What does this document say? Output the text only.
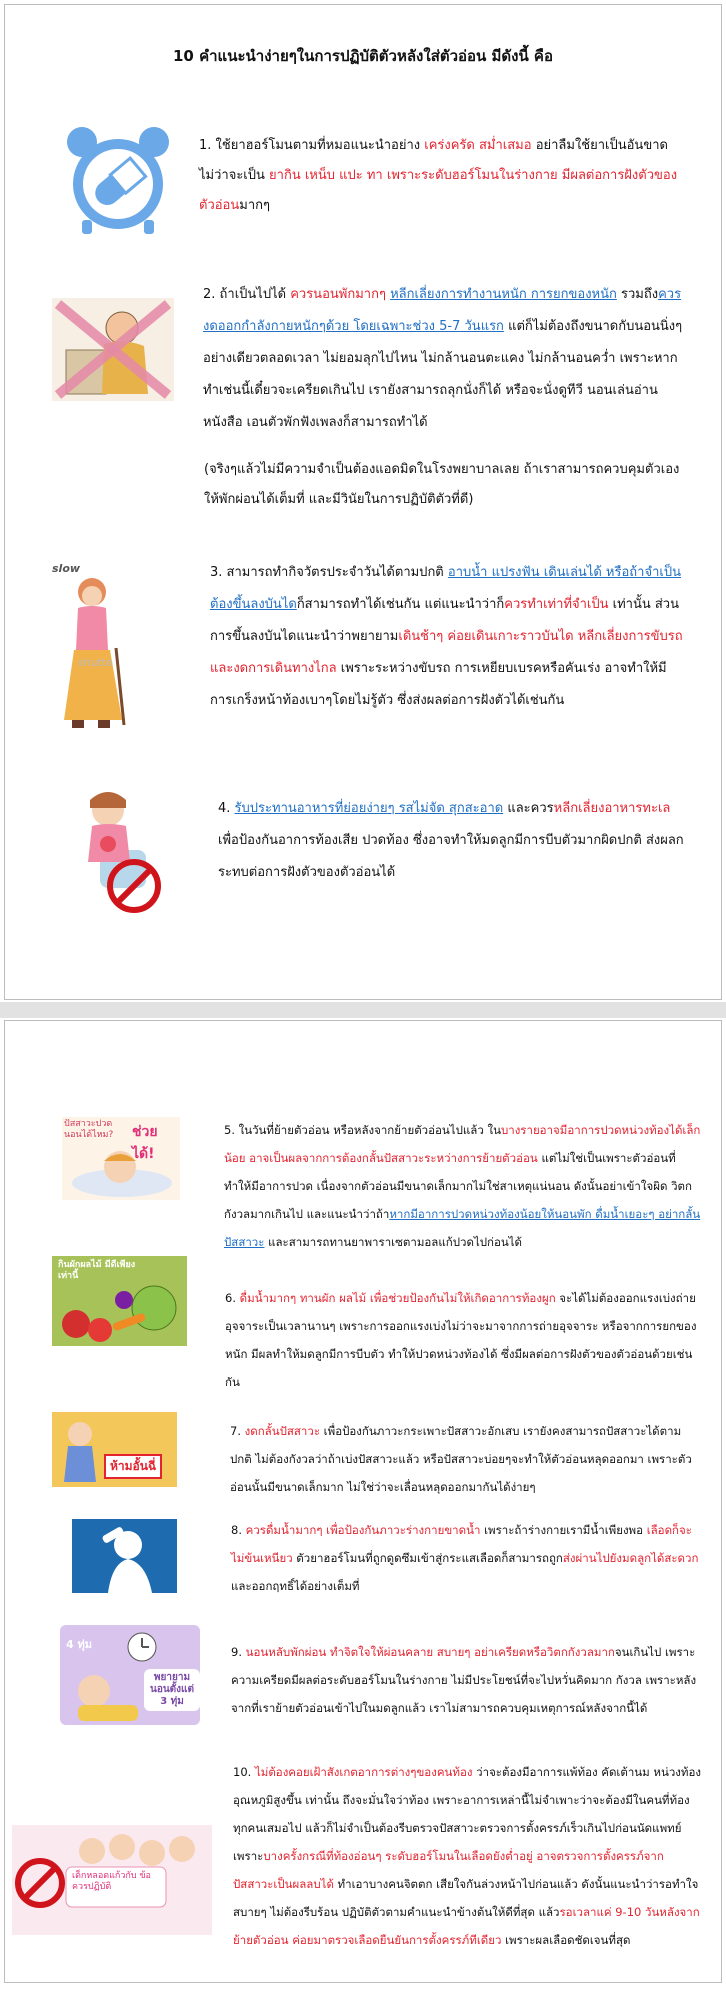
10 คำแนะนำง่ายๆในการปฏิบัติตัวหลังใส่ตัวอ่อน มีดังนี้ คือ
slow
shutte
ปัสสาวะปวด นอนได้ไหม? ช่วยได้!
กินผักผลไม้ มีดีเพียงเท่านี้
ห้ามอั้นฉี่
4 ทุ่ม
พยายามนอนตั้งแต่ 3 ทุ่ม
เด็กหลอดแก้วกับ ข้อควรปฏิบัติ
1. ใช้ยาฮอร์โมนตามที่หมอแนะนำอย่าง เคร่งครัด สม่ำเสมอ อย่าลืมใช้ยาเป็นอันขาด ไม่ว่าจะเป็น ยากิน เหน็บ แปะ ทา เพราะระดับฮอร์โมนในร่างกาย มีผลต่อการฝังตัวของตัวอ่อนมากๆ
2. ถ้าเป็นไปได้ ควรนอนพักมากๆ หลีกเลี่ยงการทำงานหนัก การยกของหนัก รวมถึงควรงดออกกำลังกายหนักๆด้วย โดยเฉพาะช่วง 5-7 วันแรก แต่ก็ไม่ต้องถึงขนาดกับนอนนิ่งๆอย่างเดียวตลอดเวลา ไม่ยอมลุกไปไหน ไม่กล้านอนตะแคง ไม่กล้านอนคว่ำ เพราะหากทำเช่นนี้เดี๋ยวจะเครียดเกินไป เรายังสามารถลุกนั่งก็ได้ หรือจะนั่งดูทีวี นอนเล่นอ่านหนังสือ เอนตัวพักฟังเพลงก็สามารถทำได้
(จริงๆแล้วไม่มีความจำเป็นต้องแอดมิดในโรงพยาบาลเลย ถ้าเราสามารถควบคุมตัวเองให้พักผ่อนได้เต็มที่ และมีวินัยในการปฏิบัติตัวที่ดี)
3. สามารถทำกิจวัตรประจำวันได้ตามปกติ อาบน้ำ แปรงฟัน เดินเล่นได้ หรือถ้าจำเป็นต้องขึ้นลงบันไดก็สามารถทำได้เช่นกัน แต่แนะนำว่าก็ควรทำเท่าที่จำเป็น เท่านั้น ส่วนการขึ้นลงบันไดแนะนำว่าพยายามเดินช้าๆ ค่อยเดินเกาะราวบันได หลีกเลี่ยงการขับรถ และงดการเดินทางไกล เพราะระหว่างขับรถ การเหยียบเบรคหรือคันเร่ง อาจทำให้มีการเกร็งหน้าท้องเบาๆโดยไม่รู้ตัว ซึ่งส่งผลต่อการฝังตัวได้เช่นกัน
4. รับประทานอาหารที่ย่อยง่ายๆ รสไม่จัด สุกสะอาด และควรหลีกเลี่ยงอาหารทะเล เพื่อป้องกันอาการท้องเสีย ปวดท้อง ซึ่งอาจทำให้มดลูกมีการบีบตัวมากผิดปกติ ส่งผลกระทบต่อการฝังตัวของตัวอ่อนได้
5. ในวันที่ย้ายตัวอ่อน หรือหลังจากย้ายตัวอ่อนไปแล้ว ในบางรายอาจมีอาการปวดหน่วงท้องได้เล็กน้อย อาจเป็นผลจากการต้องกลั้นปัสสาวะระหว่างการย้ายตัวอ่อน แต่ไม่ใช่เป็นเพราะตัวอ่อนที่ทำให้มีอาการปวด เนื่องจากตัวอ่อนมีขนาดเล็กมากไม่ใช่สาเหตุแน่นอน ดังนั้นอย่าเข้าใจผิด วิตกกังวลมากเกินไป และแนะนำว่าถ้าหากมีอาการปวดหน่วงท้องน้อยให้นอนพัก ดื่มน้ำเยอะๆ อย่ากลั้นปัสสาวะ และสามารถทานยาพาราเซตามอลแก้ปวดไปก่อนได้
6. ดื่มน้ำมากๆ ทานผัก ผลไม้ เพื่อช่วยป้องกันไม่ให้เกิดอาการท้องผูก จะได้ไม่ต้องออกแรงเบ่งถ่ายอุจจาระเป็นเวลานานๆ เพราะการออกแรงเบ่งไม่ว่าจะมาจากการถ่ายอุจจาระ หรือจากการยกของหนัก มีผลทำให้มดลูกมีการบีบตัว ทำให้ปวดหน่วงท้องได้ ซึ่งมีผลต่อการฝังตัวของตัวอ่อนด้วยเช่นกัน
7. งดกลั้นปัสสาวะ เพื่อป้องกันภาวะกระเพาะปัสสาวะอักเสบ เรายังคงสามารถปัสสาวะได้ตามปกติ ไม่ต้องกังวลว่าถ้าเบ่งปัสสาวะแล้ว หรือปัสสาวะบ่อยๆจะทำให้ตัวอ่อนหลุดออกมา เพราะตัวอ่อนนั้นมีขนาดเล็กมาก ไม่ใช่ว่าจะเลื่อนหลุดออกมากันได้ง่ายๆ
8. ควรดื่มน้ำมากๆ เพื่อป้องกันภาวะร่างกายขาดน้ำ เพราะถ้าร่างกายเรามีน้ำเพียงพอ เลือดก็จะไม่ข้นเหนียว ตัวยาฮอร์โมนที่ถูกดูดซึมเข้าสู่กระแสเลือดก็สามารถถูกส่งผ่านไปยังมดลูกได้สะดวก และออกฤทธิ์ได้อย่างเต็มที่
9. นอนหลับพักผ่อน ทำจิตใจให้ผ่อนคลาย สบายๆ อย่าเครียดหรือวิตกกังวลมากจนเกินไป เพราะความเครียดมีผลต่อระดับฮอร์โมนในร่างกาย ไม่มีประโยชน์ที่จะไปหวั่นคิดมาก กังวล เพราะหลังจากที่เราย้ายตัวอ่อนเข้าไปในมดลูกแล้ว เราไม่สามารถควบคุมเหตุการณ์หลังจากนี้ได้
10. ไม่ต้องคอยเฝ้าสังเกตอาการต่างๆของคนท้อง ว่าจะต้องมีอาการแพ้ท้อง คัดเต้านม หน่วงท้อง อุณหภูมิสูงขึ้น เท่านั้น ถึงจะมั่นใจว่าท้อง เพราะอาการเหล่านี้ไม่จำเพาะว่าจะต้องมีในคนที่ท้องทุกคนเสมอไป แล้วก็ไม่จำเป็นต้องรีบตรวจปัสสาวะตรวจการตั้งครรภ์เร็วเกินไปก่อนนัดแพทย์ เพราะบางครั้งกรณีที่ท้องอ่อนๆ ระดับฮอร์โมนในเลือดยังต่ำอยู่ อาจตรวจการตั้งครรภ์จากปัสสาวะเป็นผลลบได้ ทำเอาบางคนจิตตก เสียใจกันล่วงหน้าไปก่อนแล้ว ดังนั้นแนะนำว่ารอทำใจสบายๆ ไม่ต้องรีบร้อน ปฏิบัติตัวตามคำแนะนำข้างต้นให้ดีที่สุด แล้วรอเวลาแค่ 9-10 วันหลังจากย้ายตัวอ่อน ค่อยมาตรวจเลือดยืนยันการตั้งครรภ์ทีเดียว เพราะผลเลือดชัดเจนที่สุด
